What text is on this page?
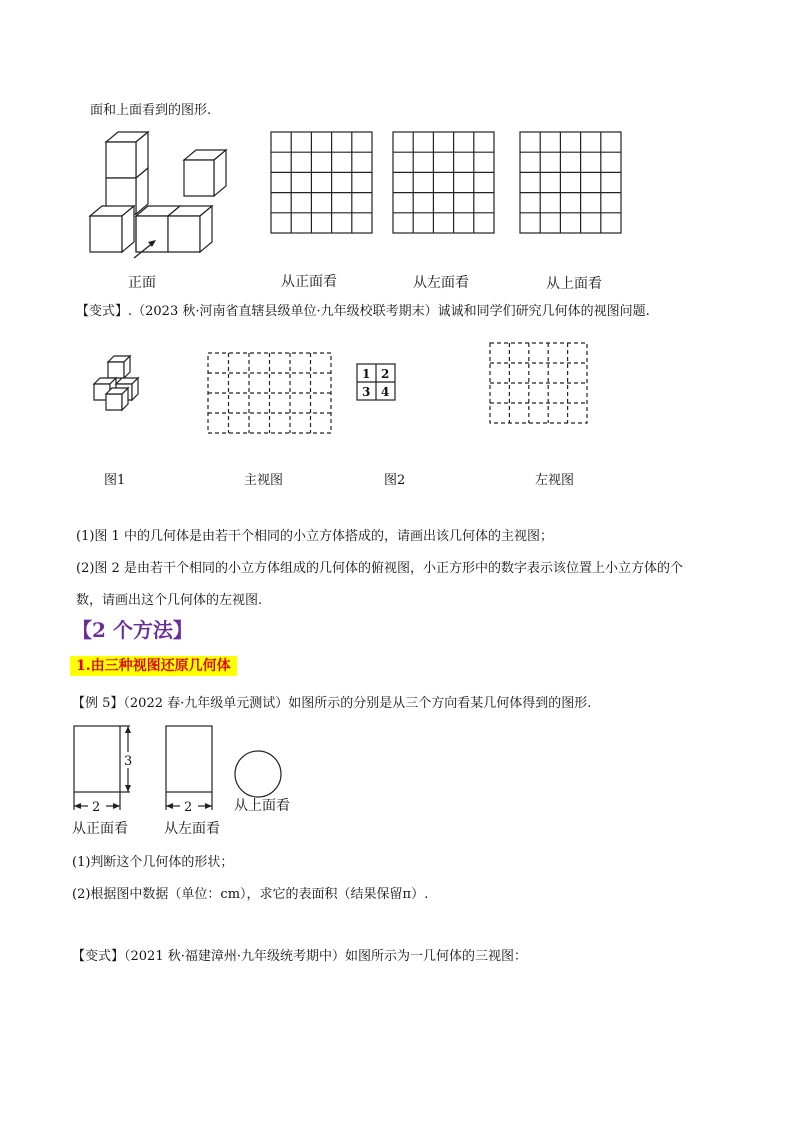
面和上面看到的图形.
正面	从正面看	从左面看	从上面看
【变式】.（2023 秋·河南省直辖县级单位·九年级校联考期末）诚诚和同学们研究几何体的视图问题.
1 2
3 4
图1	主视图	图2	左视图
(1)图 1 中的几何体是由若干个相同的小立方体搭成的，请画出该几何体的主视图；
(2)图 2 是由若干个相同的小立方体组成的几何体的俯视图，小正方形中的数字表示该位置上小立方体的个
数，请画出这个几何体的左视图.
【2 个方法】
1.由三种视图还原几何体
【例 5】（2022 春·九年级单元测试）如图所示的分别是从三个方向看某几何体得到的图形.
3
2	2	从上面看
从正面看	从左面看
(1)判断这个几何体的形状；
(2)根据图中数据（单位：cm），求它的表面积（结果保留π）.
【变式】（2021 秋·福建漳州·九年级统考期中）如图所示为一几何体的三视图：
